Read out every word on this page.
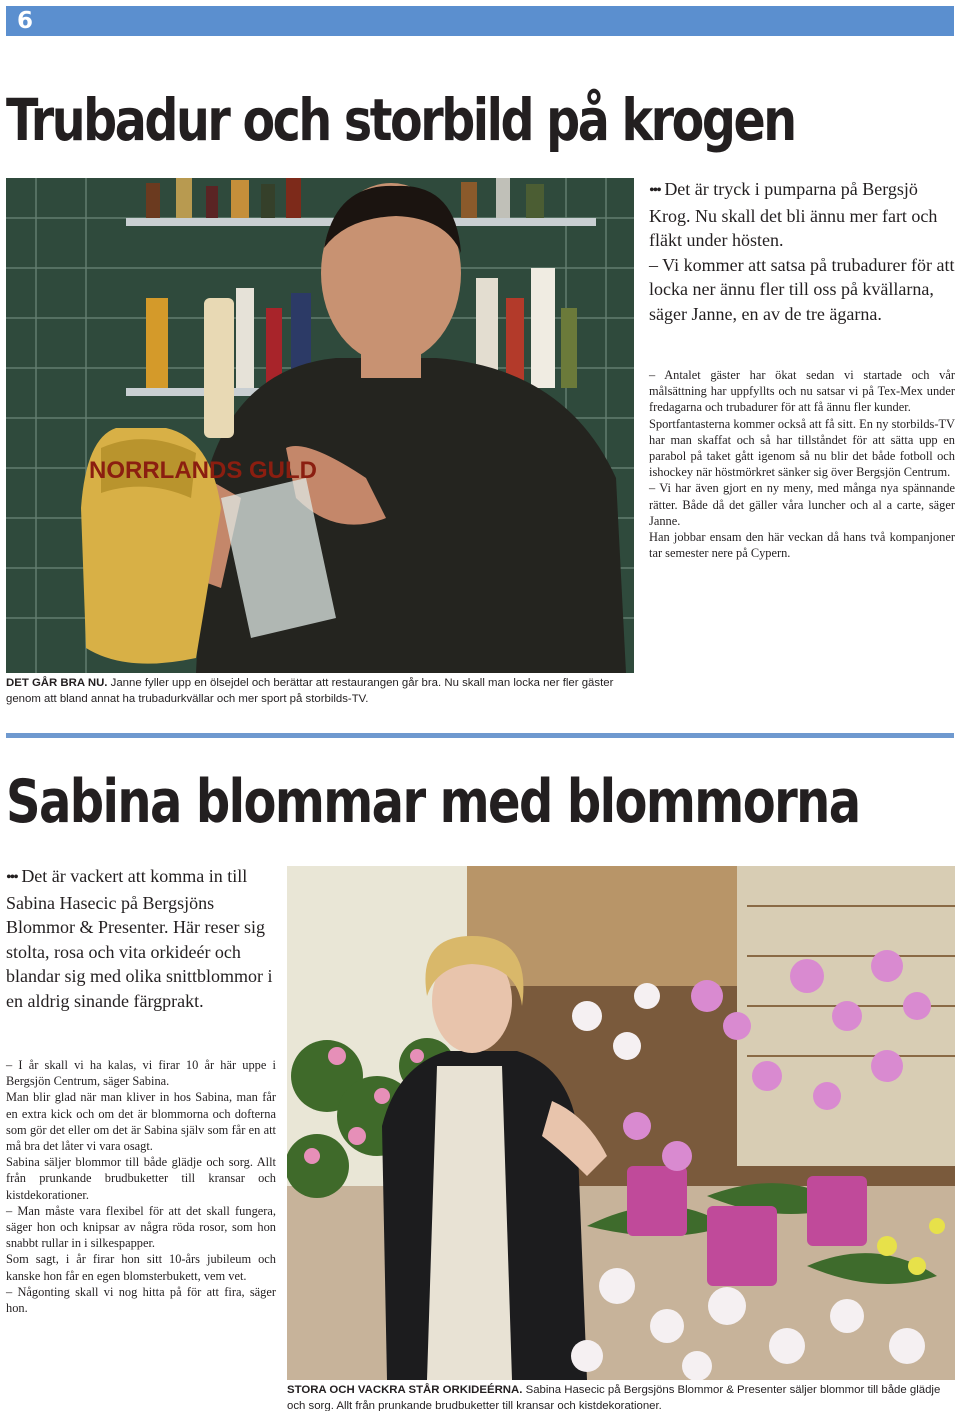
6
Trubadur och storbild på krogen
NORRLANDS GULD

••• Det är tryck i pumparna på Bergsjö Krog. Nu skall det bli ännu mer fart och fläkt under hösten.

– Vi kommer att satsa på trubadurer för att locka ner ännu fler till oss på kvällarna, säger Janne, en av de tre ägarna.

– Antalet gäster har ökat sedan vi startade och vår målsättning har uppfyllts och nu satsar vi på Tex-Mex under fredagarna och trubadurer för att få ännu fler kunder.

Sportfantasterna kommer också att få sitt. En ny storbilds-TV har man skaffat och så har tillståndet för att sätta upp en parabol på taket gått igenom så nu blir det både fotboll och ishockey när höstmörkret sänker sig över Bergsjön Centrum.

– Vi har även gjort en ny meny, med många nya spännande rätter. Både då det gäller våra luncher och al a carte, säger Janne.

Han jobbar ensam den här veckan då hans två kompanjoner tar semester nere på Cypern.

DET GÅR BRA NU. Janne fyller upp en ölsejdel och berättar att restaurangen går bra. Nu skall man locka ner fler gäster genom att bland annat ha trubadurkvällar och mer sport på storbilds-TV.
Sabina blommar med blommorna

••• Det är vackert att komma in till Sabina Hasecic på Bergsjöns Blommor & Presenter. Här reser sig stolta, rosa och vita orkideér och blandar sig med olika snittblommor i en aldrig sinande färgprakt.

– I år skall vi ha kalas, vi firar 10 år här uppe i Bergsjön Centrum, säger Sabina.

Man blir glad när man kliver in hos Sabina, man får en extra kick och om det är blommorna och dofterna som gör det eller om det är Sabina själv som får en att må bra det låter vi vara osagt.

Sabina säljer blommor till både glädje och sorg. Allt från prunkande brudbuketter till kransar och kistdekorationer.

– Man måste vara flexibel för att det skall fungera, säger hon och knipsar av några röda rosor, som hon snabbt rullar in i silkespapper.

Som sagt, i år firar hon sitt 10-års jubileum och kanske hon får en egen blomsterbukett, vem vet.

– Någonting skall vi nog hitta på för att fira, säger hon.

STORA OCH VACKRA STÅR ORKIDEÉRNA. Sabina Hasecic på Bergsjöns Blommor & Presenter säljer blommor till både glädje och sorg. Allt från prunkande brudbuketter till kransar och kistdekorationer.
